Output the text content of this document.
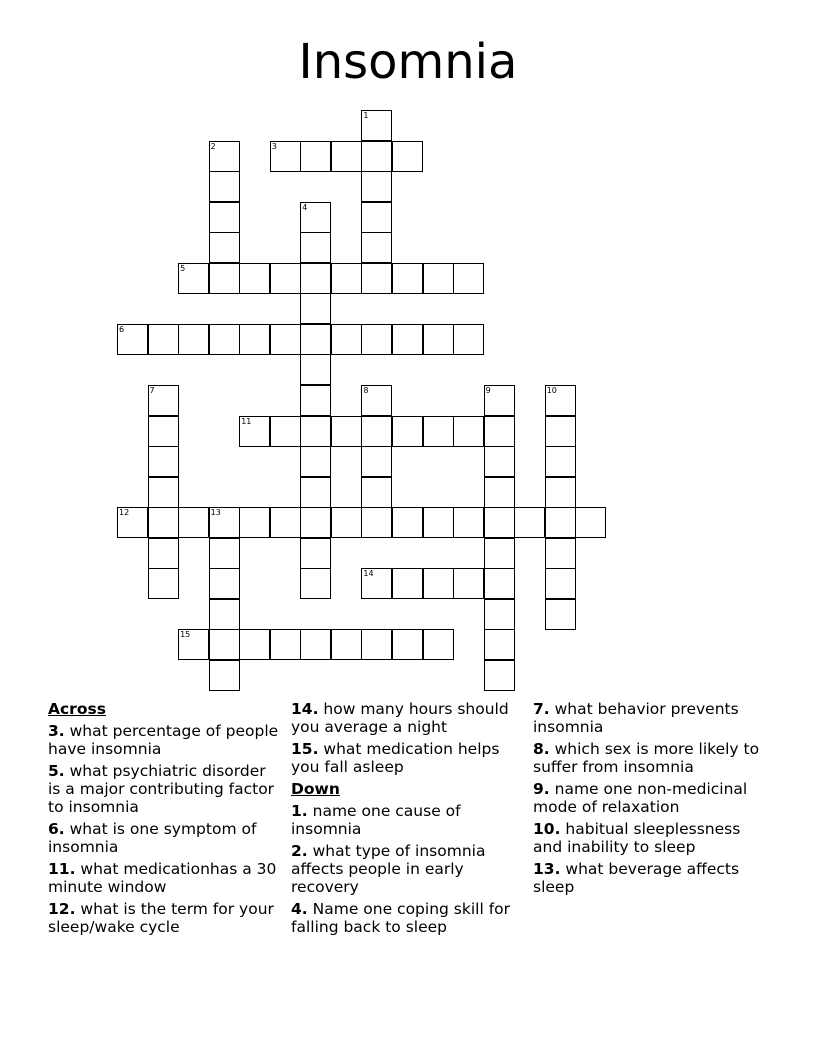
Insomnia
1
2	3
4
5
6
7	8	9	10
11
12	13
14
15
Across

3. what percentage of people have insomnia

5. what psychiatric disorder is a major contributing factor to insomnia

6. what is one symptom of insomnia

11. what medicationhas a 30 minute window

12. what is the term for your sleep/wake cycle

14. how many hours should you average a night

15. what medication helps you fall asleep

Down

1. name one cause of insomnia

2. what type of insomnia affects people in early recovery

4. Name one coping skill for falling back to sleep

7. what behavior prevents insomnia

8. which sex is more likely to suffer from insomnia

9. name one non-medicinal mode of relaxation

10. habitual sleeplessness and inability to sleep

13. what beverage affects sleep
